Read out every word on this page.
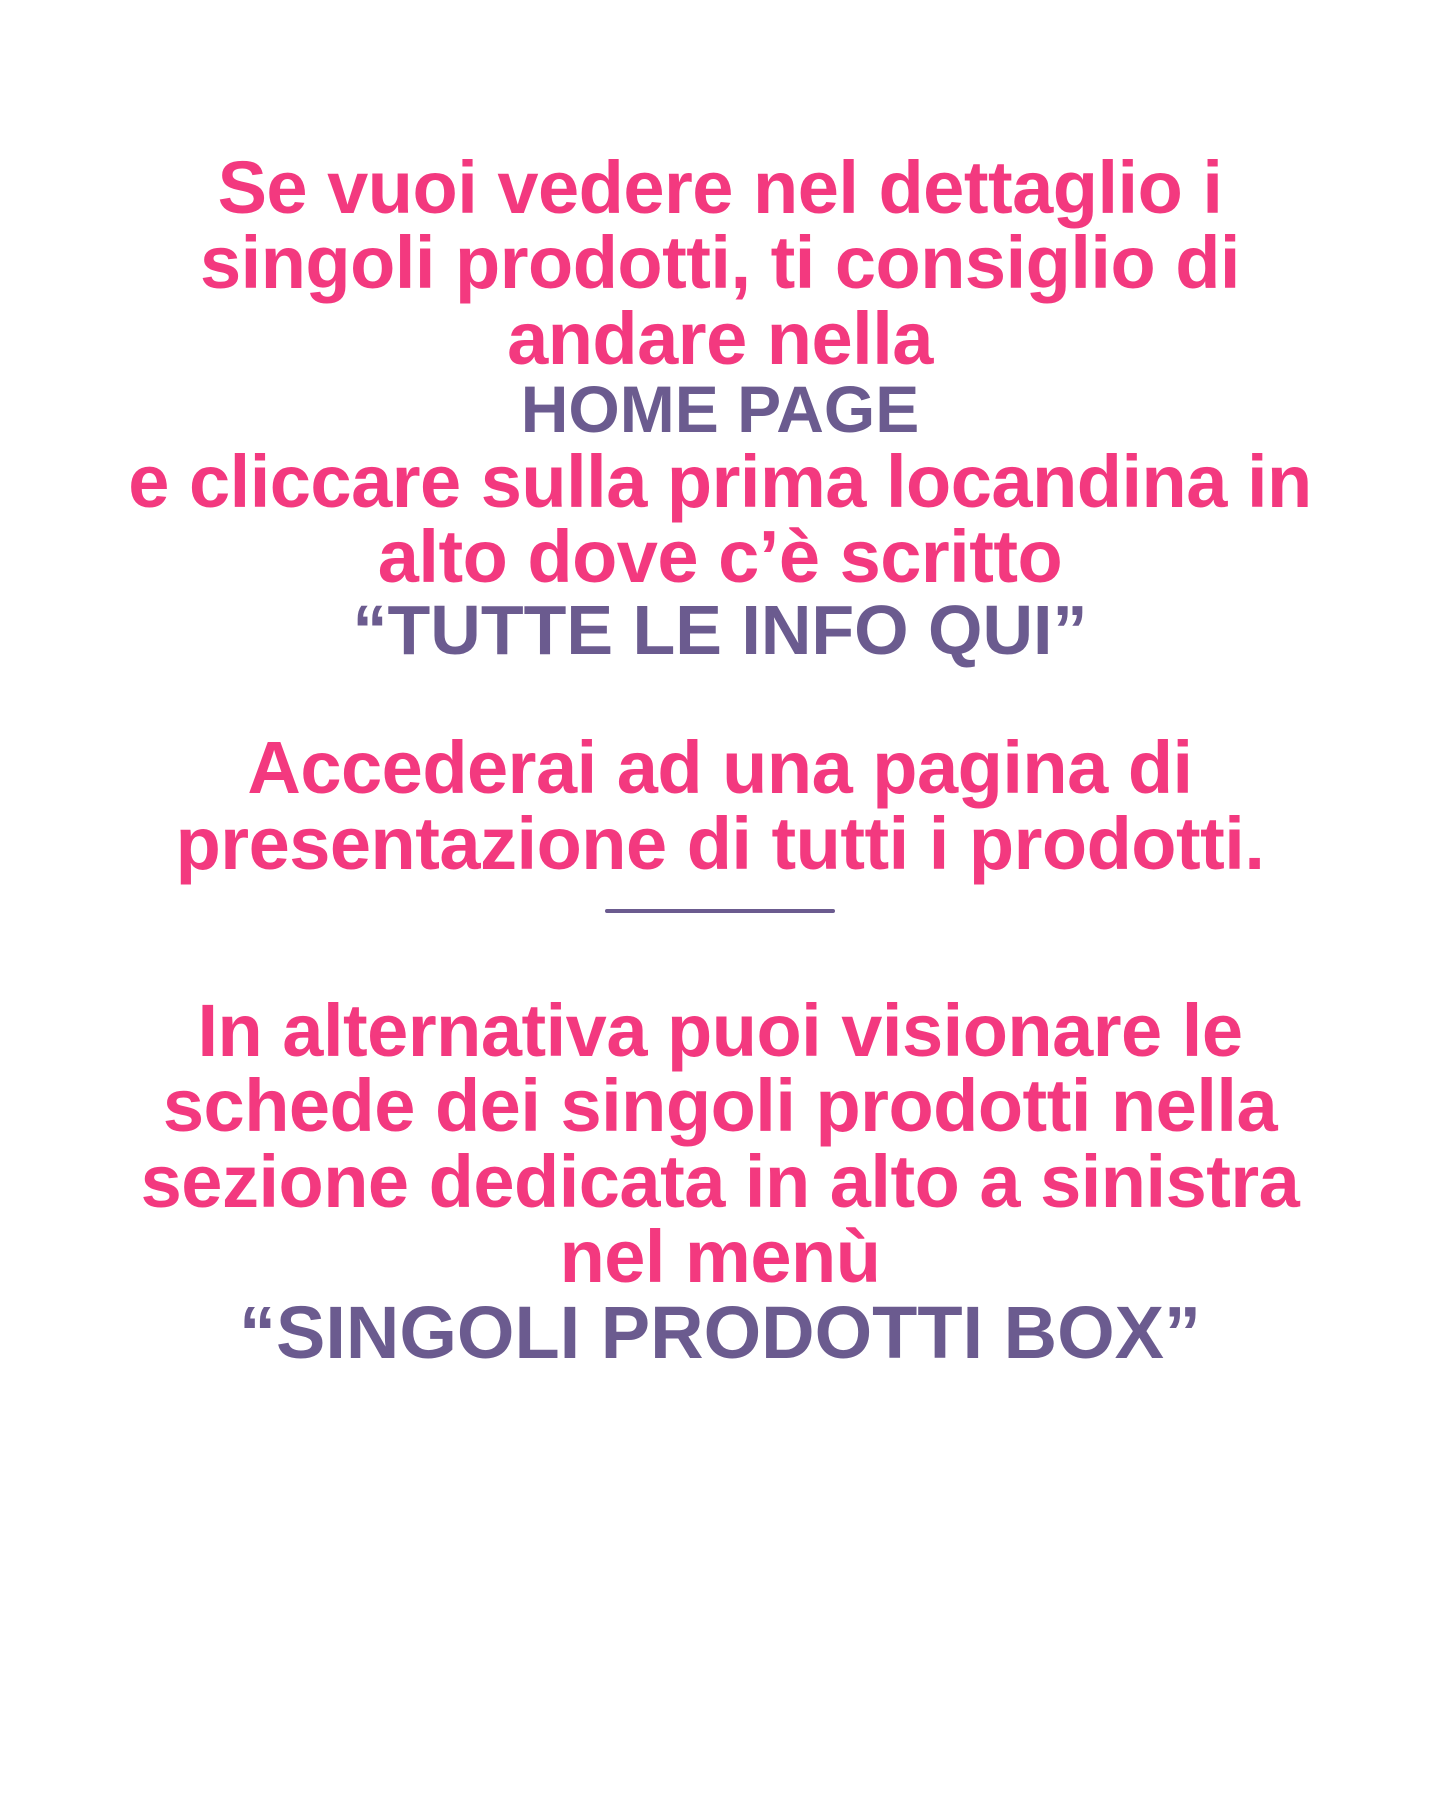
Se vuoi vedere nel dettaglio i
singoli prodotti, ti consiglio di
andare nella
HOME PAGE
e cliccare sulla prima locandina in
alto dove c’è scritto
“TUTTE LE INFO QUI”
Accederai ad una pagina di
presentazione di tutti i prodotti.
In alternativa puoi visionare le
schede dei singoli prodotti nella
sezione dedicata in alto a sinistra
nel menù
“SINGOLI PRODOTTI BOX”
